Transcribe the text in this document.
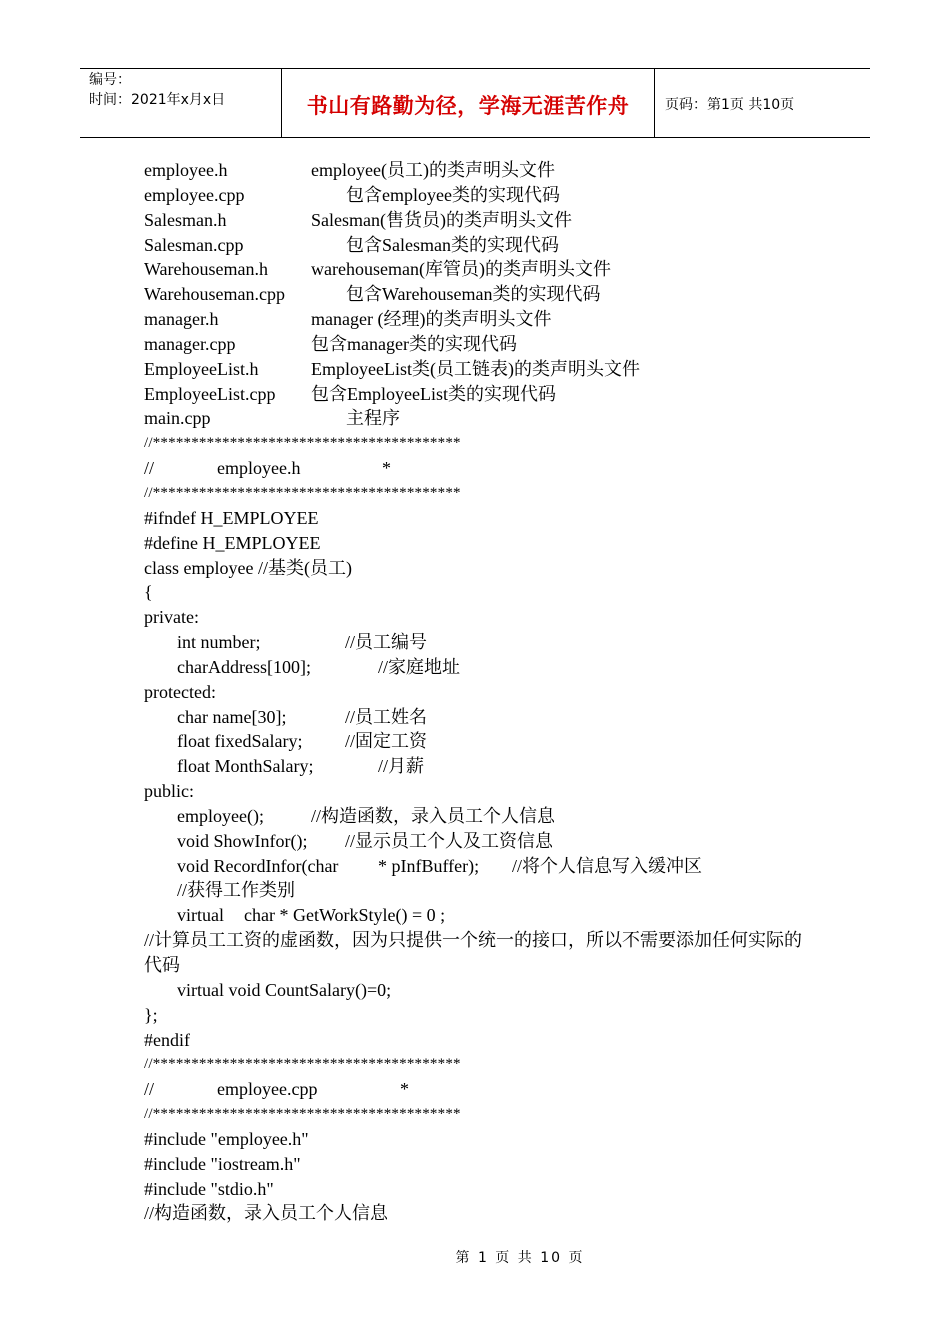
编号：
时间：2021年x月x日	书山有路勤为径，学海无涯苦作舟	页码：第1页 共10页
employee.h	employee(员工)的类声明头文件
employee.cpp	包含employee类的实现代码
Salesman.h	Salesman(售货员)的类声明头文件
Salesman.cpp	包含Salesman类的实现代码
Warehouseman.h warehouseman(库管员)的类声明头文件
Warehouseman.cpp	包含Warehouseman类的实现代码
manager.h	manager (经理)的类声明头文件
manager.cpp	包含manager类的实现代码
EmployeeList.h	EmployeeList类(员工链表)的类声明头文件
EmployeeList.cpp 包含EmployeeList类的实现代码
main.cpp	主程序
//****************************************
//	employee.h	*
//****************************************
#ifndef H_EMPLOYEE
#define H_EMPLOYEE
class employee //基类(员工)
{
private:
int number;	//员工编号
charAddress[100];	//家庭地址
protected:
char name[30];	//员工姓名
float fixedSalary; //固定工资
float MonthSalary;	//月薪
public:
employee();	//构造函数，录入员工个人信息
void ShowInfor(); //显示员工个人及工资信息
void RecordInfor(char * pInfBuffer); //将个人信息写入缓冲区
//获得工作类别
virtual char * GetWorkStyle() = 0 ;
//计算员工工资的虚函数，因为只提供一个统一的接口，所以不需要添加任何实际的代码
virtual void CountSalary()=0;
};
#endif
//****************************************
//	employee.cpp	*
//****************************************
#include "employee.h"
#include "iostream.h"
#include "stdio.h"
//构造函数，录入员工个人信息
第 1 页 共 10 页
